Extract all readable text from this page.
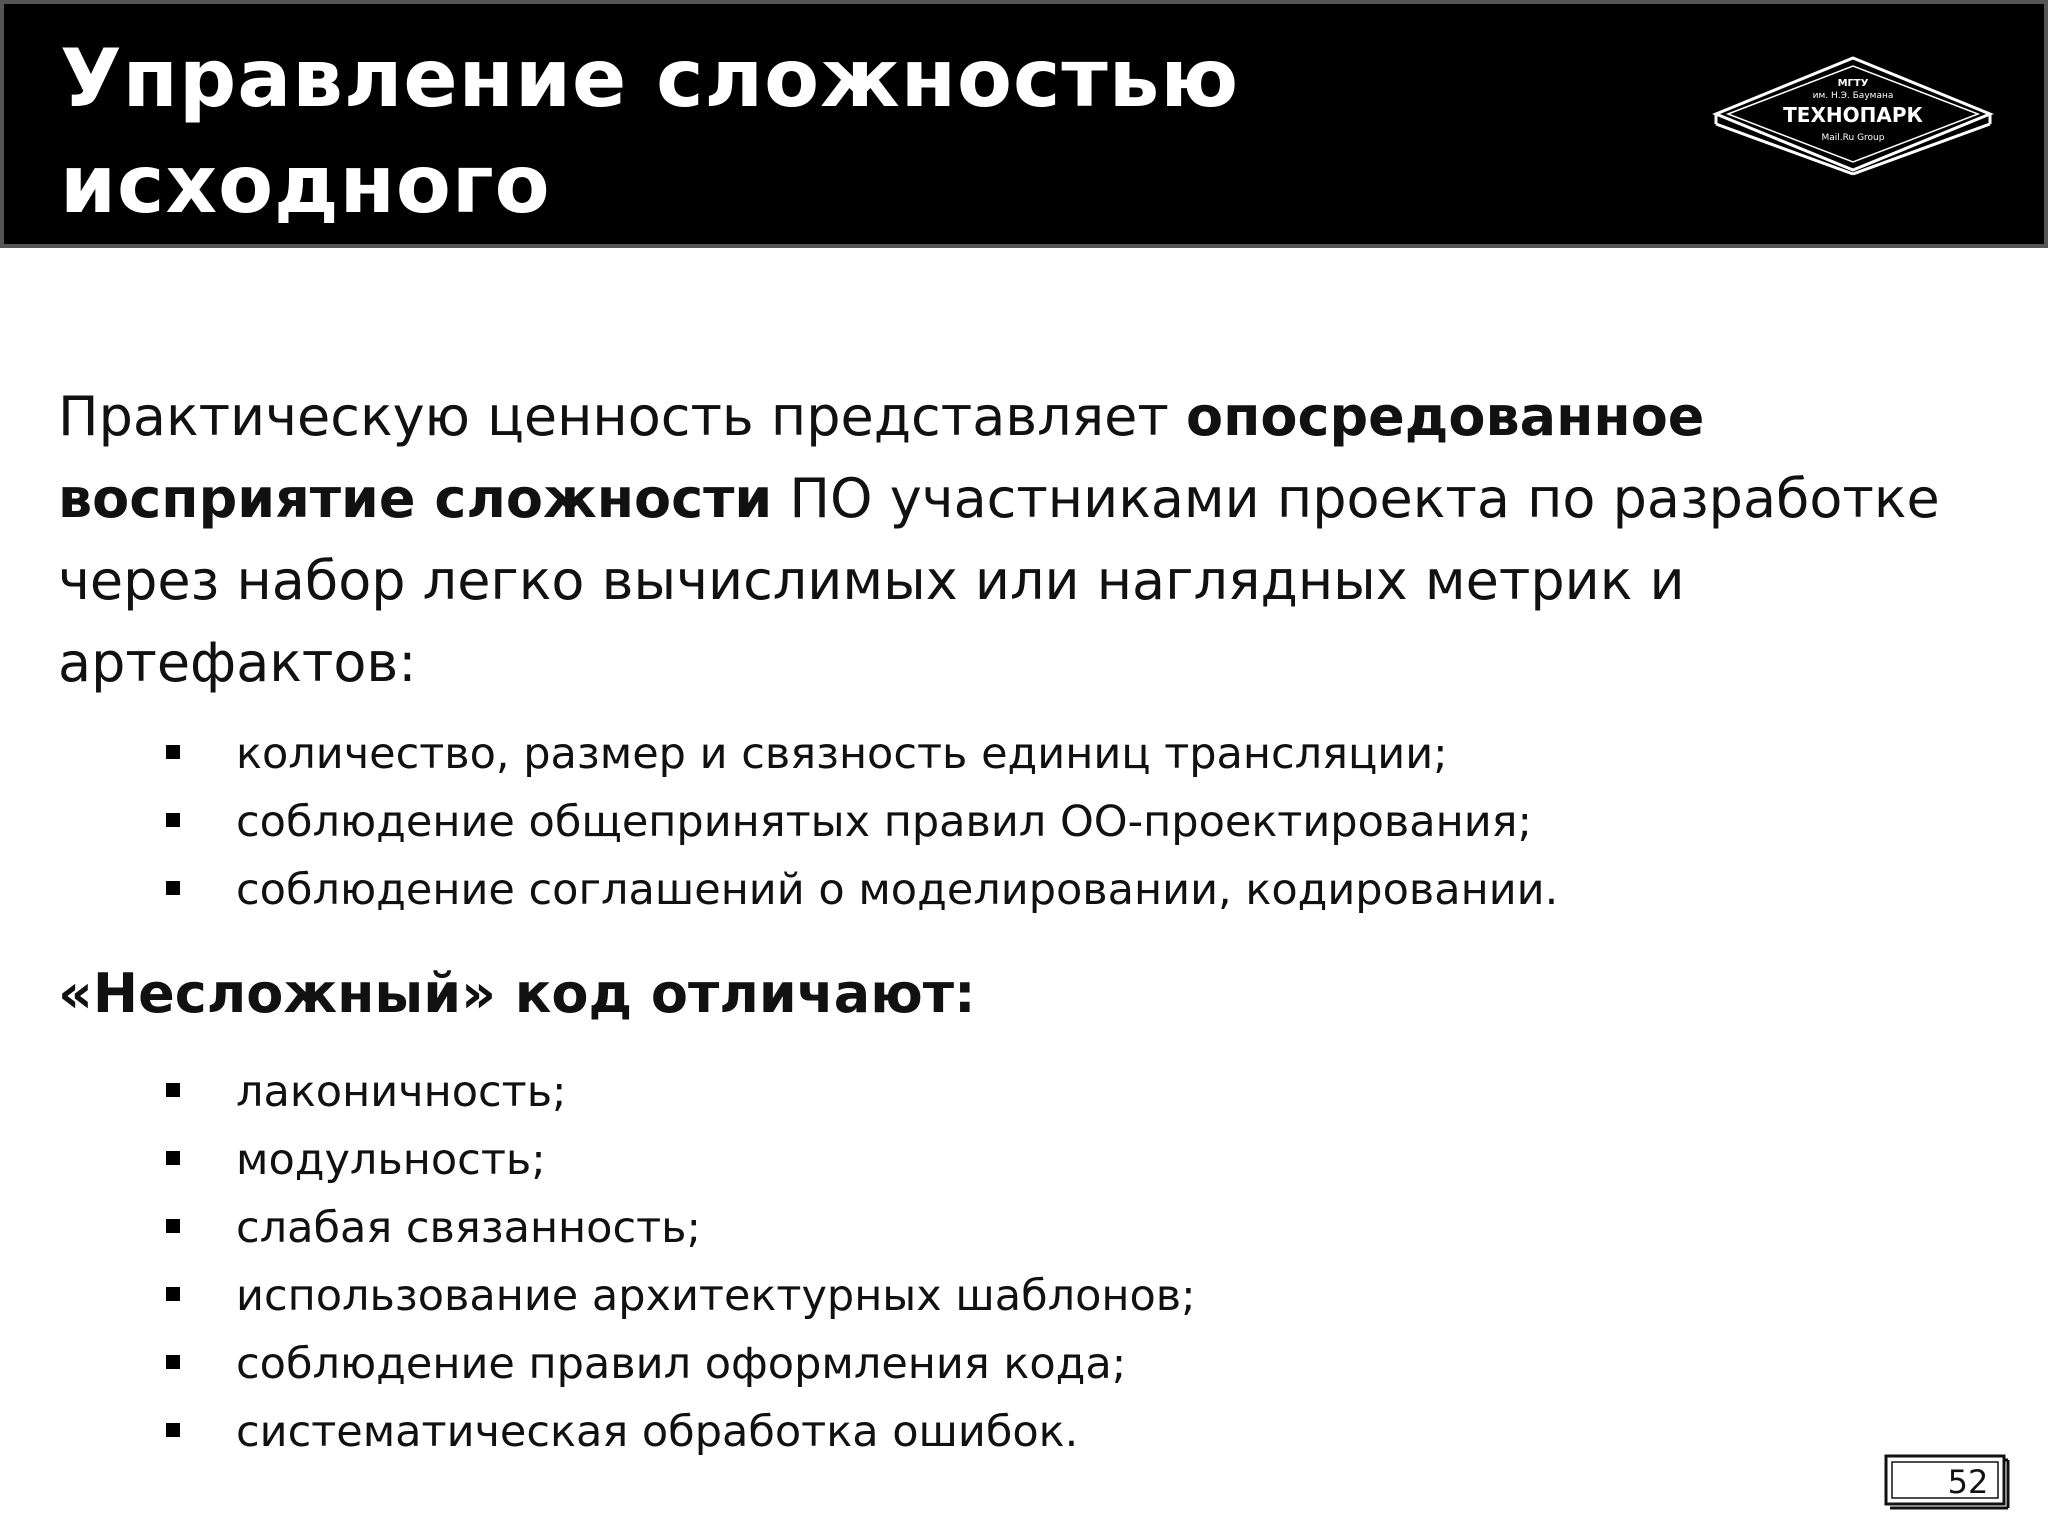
Управление сложностью исходного
кода. Влияние модульности
МГТУ
им. Н.Э. Баумана
ТЕХНОПАРК
Mail.Ru Group

Практическую ценность представляет опосредованное восприятие сложности ПО участниками проекта по разработке через набор легко вычислимых или наглядных метрик и артефактов:

количество, размер и связность единиц трансляции;
соблюдение общепринятых правил ОО-проектирования;
соблюдение соглашений о моделировании, кодировании.
«Несложный» код отличают:
лаконичность;
модульность;
слабая связанность;
использование архитектурных шаблонов;
соблюдение правил оформления кода;
систематическая обработка ошибок.
52
